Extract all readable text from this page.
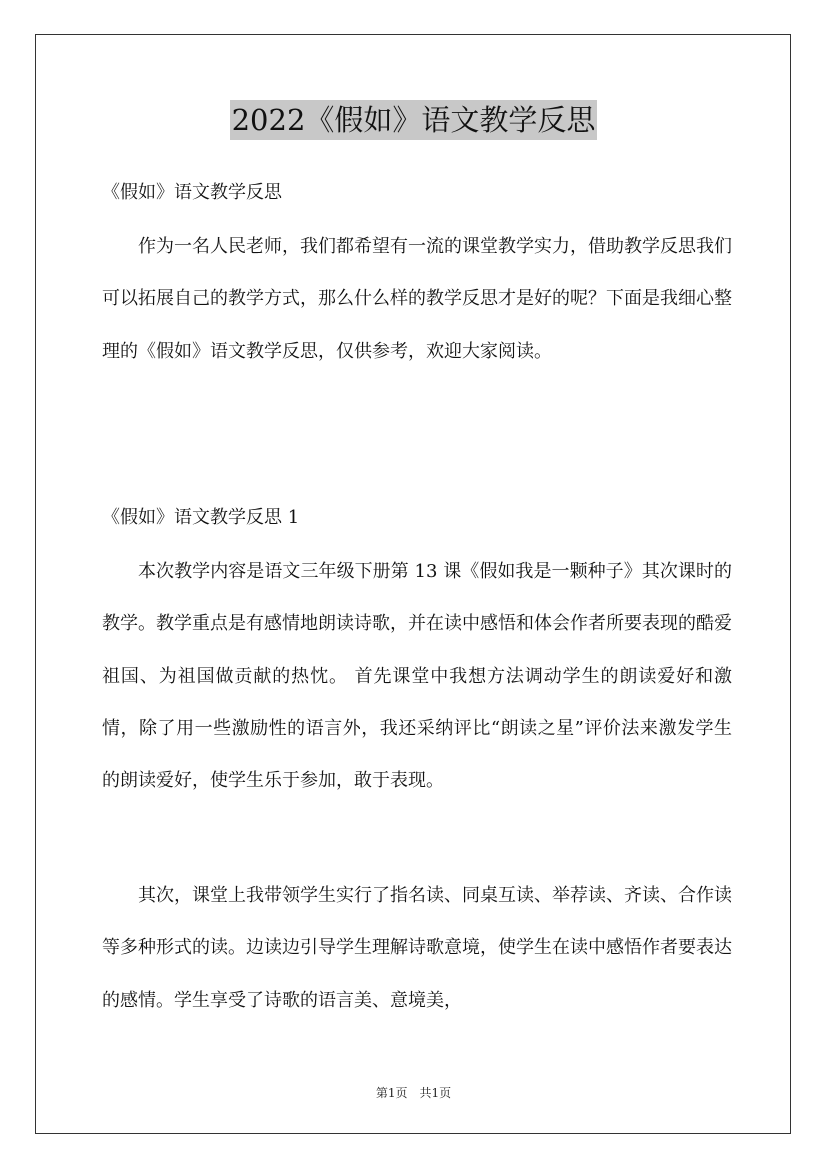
2022《假如》语文教学反思

《假如》语文教学反思

作为一名人民老师，我们都希望有一流的课堂教学实力，借助教学反思我们可以拓展自己的教学方式，那么什么样的教学反思才是好的呢？下面是我细心整理的《假如》语文教学反思，仅供参考，欢迎大家阅读。

《假如》语文教学反思 1

本次教学内容是语文三年级下册第 13 课《假如我是一颗种子》其次课时的教学。教学重点是有感情地朗读诗歌，并在读中感悟和体会作者所要表现的酷爱祖国、为祖国做贡献的热忱。 首先课堂中我想方法调动学生的朗读爱好和激情，除了用一些激励性的语言外，我还采纳评比“朗读之星”评价法来激发学生的朗读爱好，使学生乐于参加，敢于表现。

其次，课堂上我带领学生实行了指名读、同桌互读、举荐读、齐读、合作读等多种形式的读。边读边引导学生理解诗歌意境，使学生在读中感悟作者要表达的感情。学生享受了诗歌的语言美、意境美，

第1页　共1页
